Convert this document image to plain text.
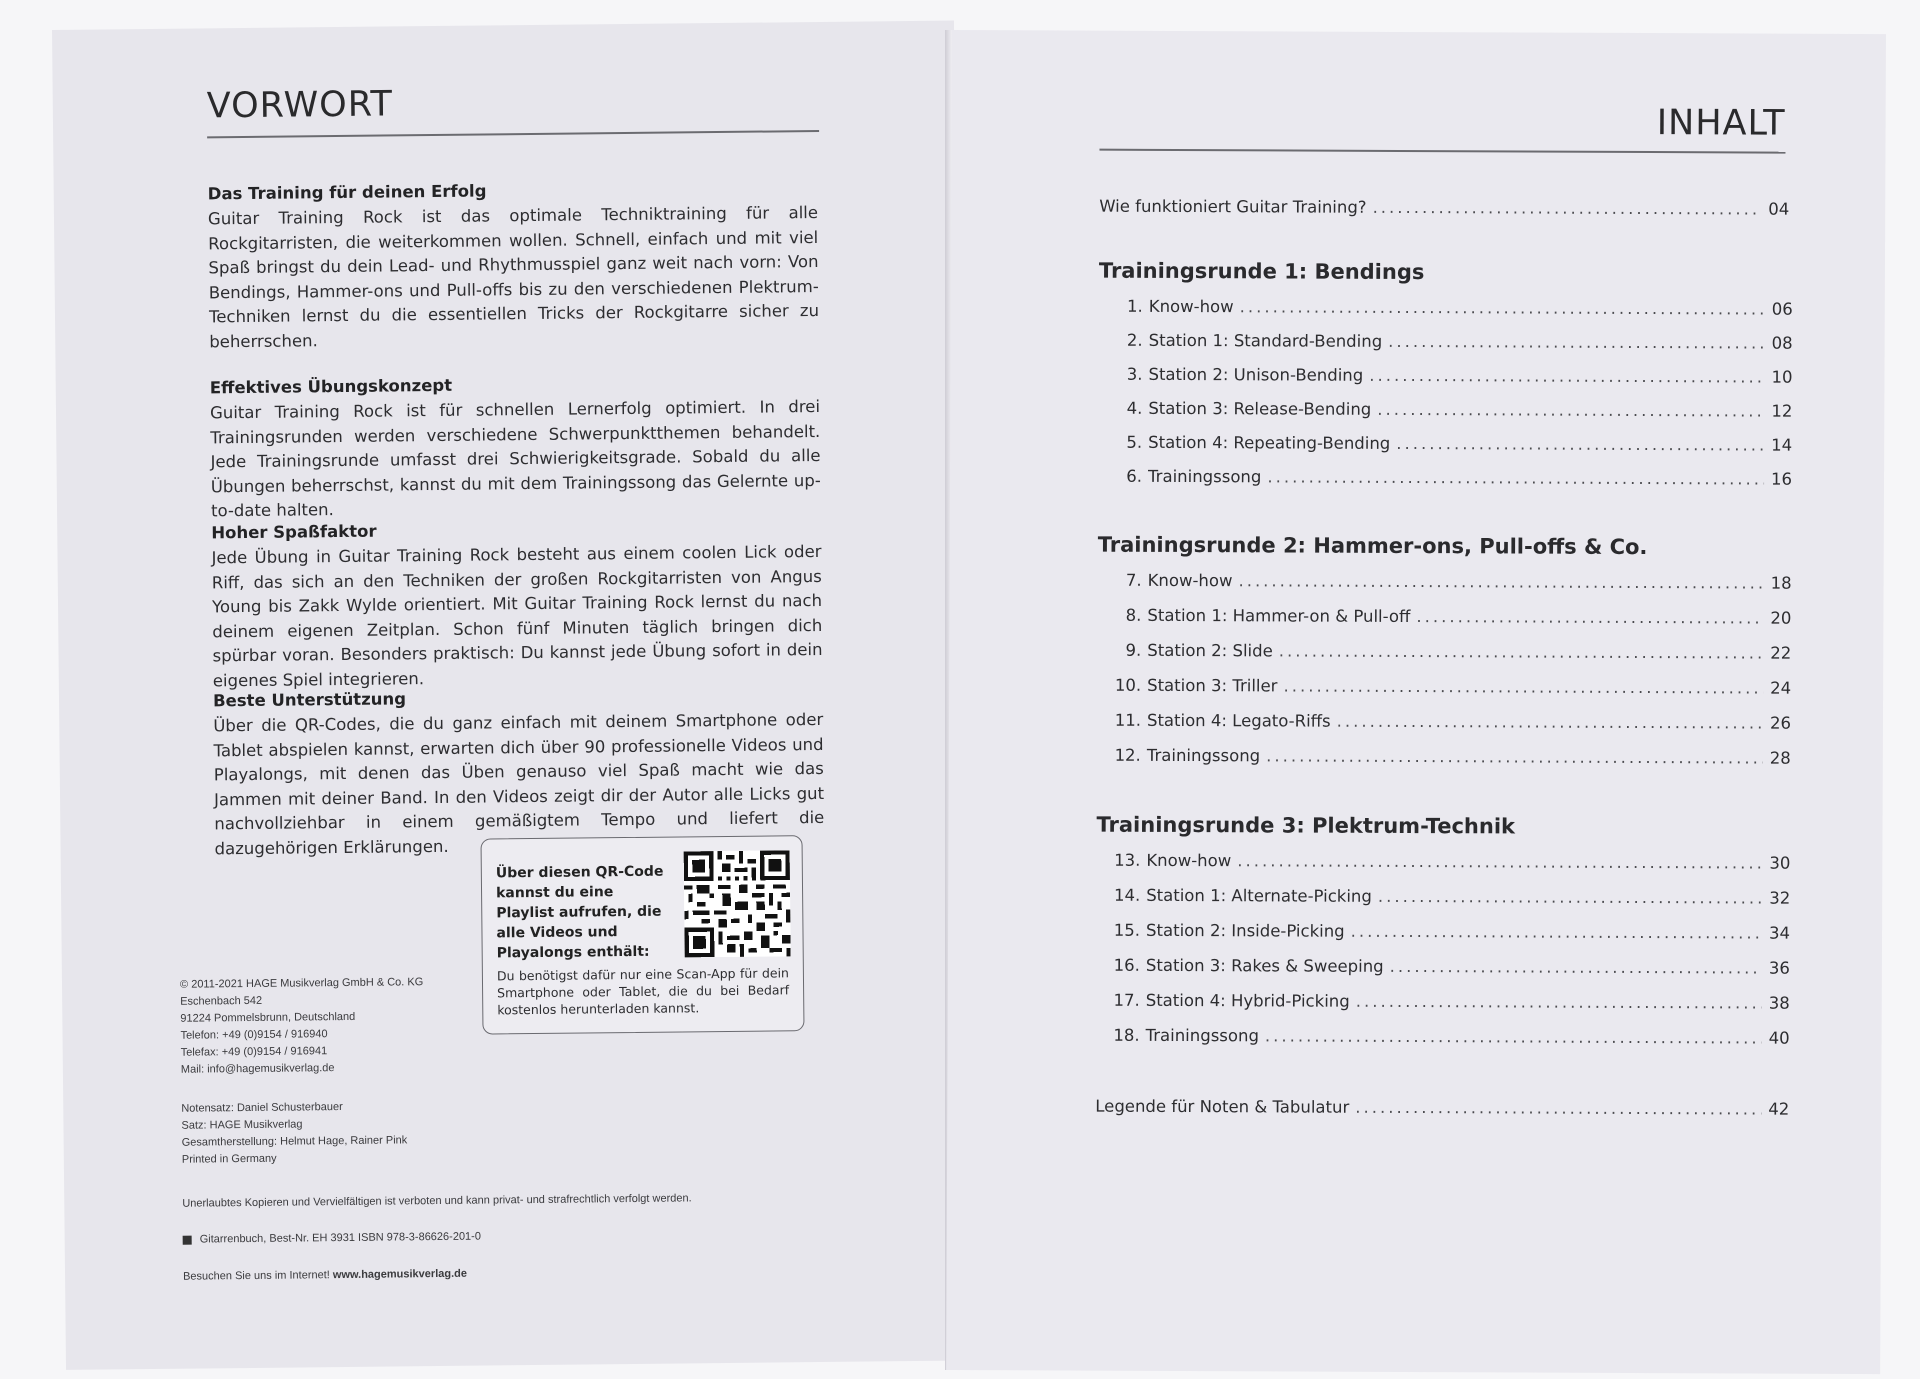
VORWORT
Das Training für deinen Erfolg

Guitar Training Rock ist das optimale Techniktraining für alle Rockgitarristen, die weiterkommen wollen. Schnell, einfach und mit viel Spaß bringst du dein Lead- und Rhythmusspiel ganz weit nach vorn: Von Bendings, Hammer-ons und Pull-offs bis zu den verschiedenen Plektrum-Techniken lernst du die essentiellen Tricks der Rockgitarre sicher zu beherrschen.

Effektives Übungskonzept

Guitar Training Rock ist für schnellen Lernerfolg optimiert. In drei Trainingsrunden werden verschiedene Schwerpunktthemen behandelt. Jede Trainingsrunde umfasst drei Schwierigkeitsgrade. Sobald du alle Übungen beherrschst, kannst du mit dem Trainingssong das Gelernte up-to-date halten.

Hoher Spaßfaktor

Jede Übung in Guitar Training Rock besteht aus einem coolen Lick oder Riff, das sich an den Techniken der großen Rockgitarristen von Angus Young bis Zakk Wylde orientiert. Mit Guitar Training Rock lernst du nach deinem eigenen Zeitplan. Schon fünf Minuten täglich bringen dich spürbar voran. Besonders praktisch: Du kannst jede Übung sofort in dein eigenes Spiel integrieren.

Beste Unterstützung

Über die QR-Codes, die du ganz einfach mit deinem Smartphone oder Tablet abspielen kannst, erwarten dich über 90 professionelle Videos und Playalongs, mit denen das Üben genauso viel Spaß macht wie das Jammen mit deiner Band. In den Videos zeigt dir der Autor alle Licks gut nachvollziehbar in einem gemäßigtem Tempo und liefert die dazugehörigen Erklärungen.

Über diesen QR-Code kannst du eine Playlist aufrufen, die alle Videos und Playalongs enthält:
Du benötigst dafür nur eine Scan-App für dein Smartphone oder Tablet, die du bei Bedarf kostenlos herunterladen kannst.
© 2011-2021 HAGE Musikverlag GmbH & Co. KG
Eschenbach 542
91224 Pommelsbrunn, Deutschland
Telefon: +49 (0)9154 / 916940
Telefax: +49 (0)9154 / 916941
Mail: info@hagemusikverlag.de
Notensatz: Daniel Schusterbauer
Satz: HAGE Musikverlag
Gesamtherstellung: Helmut Hage, Rainer Pink
Printed in Germany
Unerlaubtes Kopieren und Vervielfältigen ist verboten und kann privat- und strafrechtlich verfolgt werden.
Gitarrenbuch, Best-Nr. EH 3931 ISBN 978-3-86626-201-0
Besuchen Sie uns im Internet! www.hagemusikverlag.de
INHALT
Wie funktioniert Guitar Training? .....	04
Trainingsrunde 1: Bendings
1. Know-how .....	06
2. Station 1: Standard-Bending .....	08
3. Station 2: Unison-Bending .....	10
4. Station 3: Release-Bending .....	12
5. Station 4: Repeating-Bending .....	14
6. Trainingssong .....	16
Trainingsrunde 2: Hammer-ons, Pull-offs & Co.
7. Know-how .....	18
8. Station 1: Hammer-on & Pull-off .....	20
9. Station 2: Slide .....	22
10. Station 3: Triller .....	24
11. Station 4: Legato-Riffs .....	26
12. Trainingssong .....	28
Trainingsrunde 3: Plektrum-Technik
13. Know-how .....	30
14. Station 1: Alternate-Picking .....	32
15. Station 2: Inside-Picking .....	34
16. Station 3: Rakes & Sweeping .....	36
17. Station 4: Hybrid-Picking .....	38
18. Trainingssong .....	40
Legende für Noten & Tabulatur .....	42
